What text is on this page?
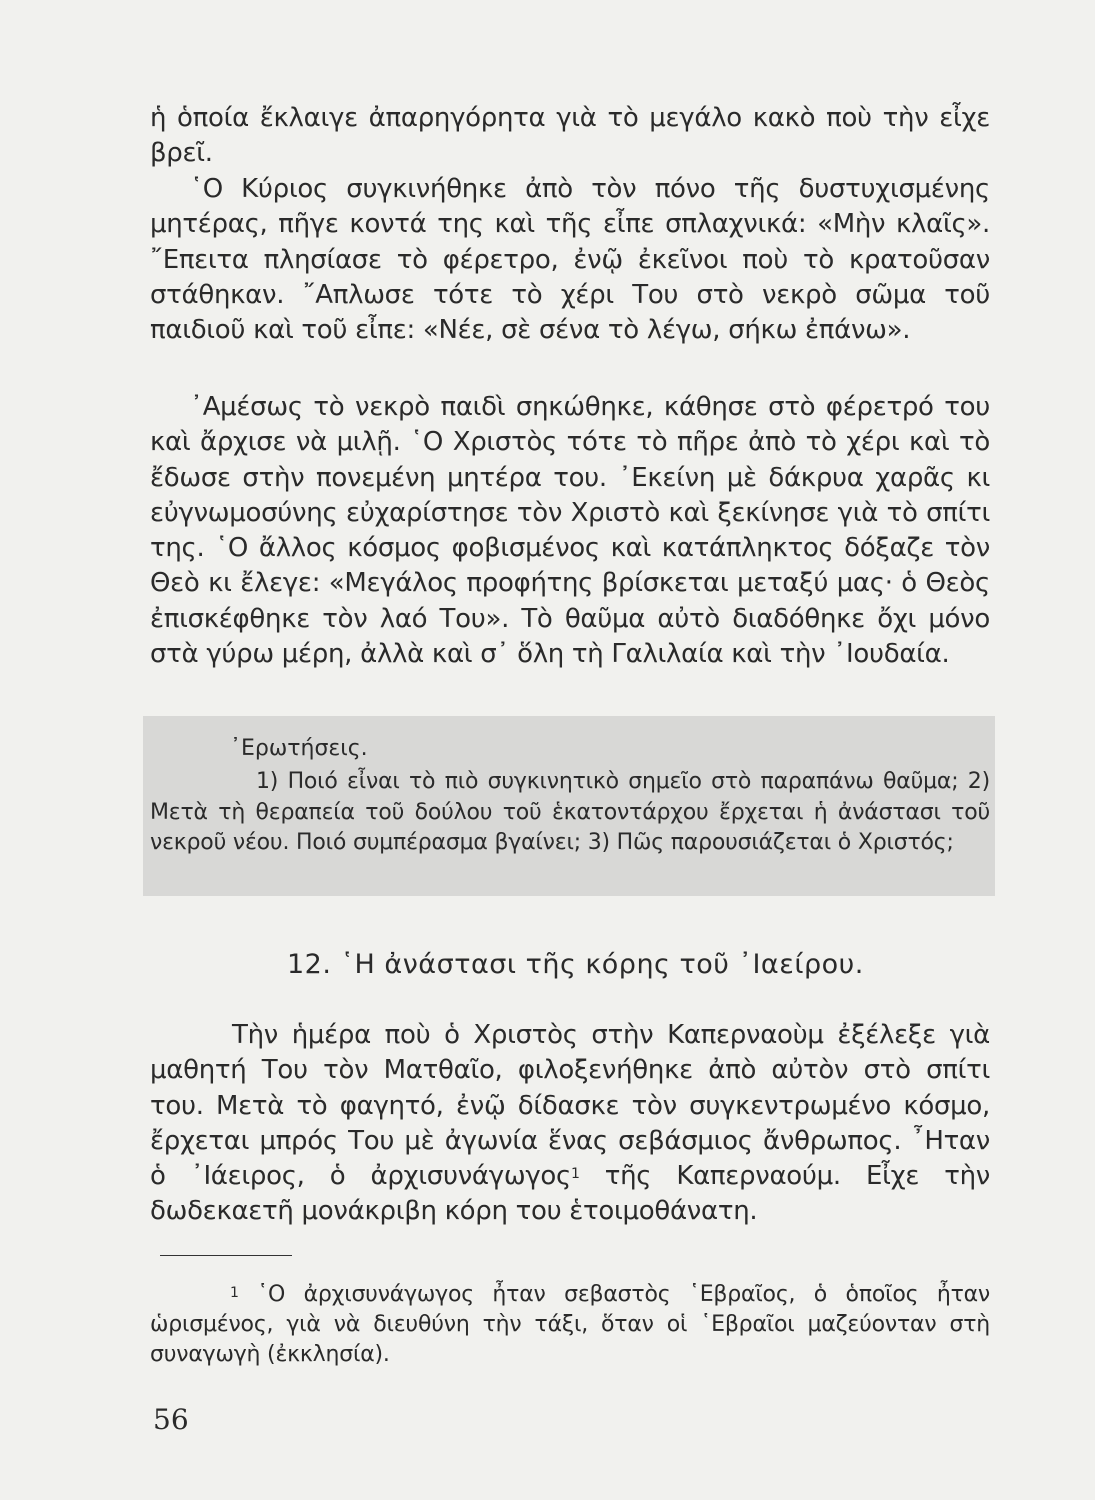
ἡ ὁποία ἔκλαιγε ἀπαρηγόρητα γιὰ τὸ μεγάλο κακὸ ποὺ τὴν εἶχε βρεῖ.
῾Ο Κύριος συγκινήθηκε ἀπὸ τὸν πόνο τῆς δυστυχισμένης μητέρας, πῆγε κοντά της καὶ τῆς εἶπε σπλαχνικά: «Μὴν κλαῖς». ῎Επειτα πλησίασε τὸ φέρετρο, ἐνῷ ἐκεῖνοι ποὺ τὸ κρατοῦσαν στάθηκαν. ῎Απλωσε τότε τὸ χέρι Του στὸ νεκρὸ σῶμα τοῦ παιδιοῦ καὶ τοῦ εἶπε: «Νέε, σὲ σένα τὸ λέγω, σήκω ἐπάνω».
᾿Αμέσως τὸ νεκρὸ παιδὶ σηκώθηκε, κάθησε στὸ φέρετρό του καὶ ἄρχισε νὰ μιλῇ. ῾Ο Χριστὸς τότε τὸ πῆρε ἀπὸ τὸ χέρι καὶ τὸ ἔδωσε στὴν πονεμένη μητέρα του. ᾿Εκείνη μὲ δάκρυα χαρᾶς κι εὐγνωμοσύνης εὐχαρίστησε τὸν Χριστὸ καὶ ξεκίνησε γιὰ τὸ σπίτι της. ῾Ο ἄλλος κόσμος φοβισμένος καὶ κατάπληκτος δόξαζε τὸν Θεὸ κι ἔλεγε: «Μεγάλος προφήτης βρίσκεται μεταξύ μας· ὁ Θεὸς ἐπισκέφθηκε τὸν λαό Του». Τὸ θαῦμα αὐτὸ διαδόθηκε ὄχι μόνο στὰ γύρω μέρη, ἀλλὰ καὶ σ᾿ ὅλη τὴ Γαλιλαία καὶ τὴν ᾿Ιουδαία.
᾿Ερωτήσεις.
1) Ποιό εἶναι τὸ πιὸ συγκινητικὸ σημεῖο στὸ παραπάνω θαῦμα; 2) Μετὰ τὴ θεραπεία τοῦ δούλου τοῦ ἑκατοντάρχου ἔρχεται ἡ ἀνάστασι τοῦ νεκροῦ νέου. Ποιό συμπέρασμα βγαίνει; 3) Πῶς παρουσιάζεται ὁ Χριστός;
12. ῾Η ἀνάστασι τῆς κόρης τοῦ ᾿Ιαείρου.
Τὴν ἡμέρα ποὺ ὁ Χριστὸς στὴν Καπερναοὺμ ἐξέλεξε γιὰ μαθητή Του τὸν Ματθαῖο, φιλοξενήθηκε ἀπὸ αὐτὸν στὸ σπίτι του. Μετὰ τὸ φαγητό, ἐνῷ δίδασκε τὸν συγκεντρωμένο κόσμο, ἔρχεται μπρός Του μὲ ἀγωνία ἕνας σεβάσμιος ἄνθρωπος. ῏Ηταν ὁ ᾿Ιάειρος, ὁ ἀρχισυνάγωγος$^1$ τῆς Καπερναούμ. Εἶχε τὴν δωδεκαετῆ μονάκριβη κόρη του ἑτοιμοθάνατη.
$^1$ ῾Ο ἀρχισυνάγωγος ἦταν σεβαστὸς ῾Εβραῖος, ὁ ὁποῖος ἦταν ὡρισμένος, γιὰ νὰ διευθύνη τὴν τάξι, ὅταν οἱ ῾Εβραῖοι μαζεύονταν στὴ συναγωγὴ (ἐκκλησία).
56
